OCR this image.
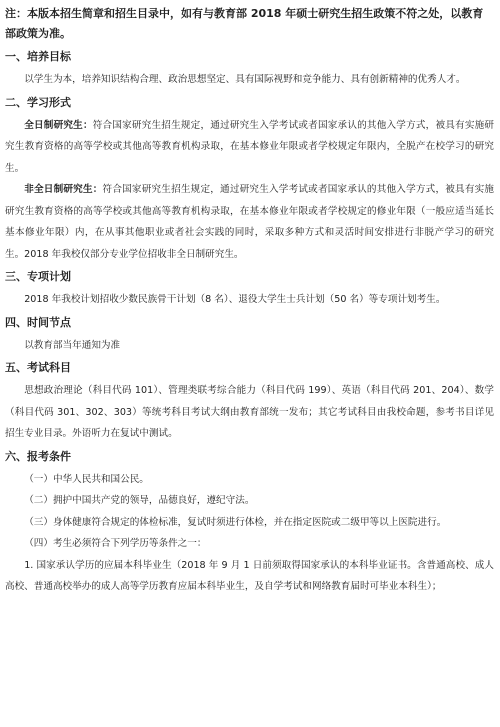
注：本版本招生简章和招生目录中，如有与教育部 2018 年硕士研究生招生政策不符之处，以教育部政策为准。

一、培养目标

以学生为本，培养知识结构合理、政治思想坚定、具有国际视野和竞争能力、具有创新精神的优秀人才。

二、学习形式

全日制研究生：符合国家研究生招生规定，通过研究生入学考试或者国家承认的其他入学方式，被具有实施研究生教育资格的高等学校或其他高等教育机构录取，在基本修业年限或者学校规定年限内，全脱产在校学习的研究生。

非全日制研究生：符合国家研究生招生规定，通过研究生入学考试或者国家承认的其他入学方式，被具有实施研究生教育资格的高等学校或其他高等教育机构录取，在基本修业年限或者学校规定的修业年限（一般应适当延长基本修业年限）内，在从事其他职业或者社会实践的同时，采取多种方式和灵活时间安排进行非脱产学习的研究生。2018 年我校仅部分专业学位招收非全日制研究生。

三、专项计划

2018 年我校计划招收少数民族骨干计划（8 名）、退役大学生士兵计划（50 名）等专项计划考生。

四、时间节点

以教育部当年通知为准

五、考试科目

思想政治理论（科目代码 101）、管理类联考综合能力（科目代码 199）、英语（科目代码 201、204）、数学（科目代码 301、302、303）等统考科目考试大纲由教育部统一发布；其它考试科目由我校命题，参考书目详见招生专业目录。外语听力在复试中测试。

六、报考条件

（一）中华人民共和国公民。

（二）拥护中国共产党的领导，品德良好，遵纪守法。

（三）身体健康符合规定的体检标准，复试时须进行体检，并在指定医院或二级甲等以上医院进行。

（四）考生必须符合下列学历等条件之一：

1. 国家承认学历的应届本科毕业生（2018 年 9 月 1 日前须取得国家承认的本科毕业证书。含普通高校、成人高校、普通高校举办的成人高等学历教育应届本科毕业生，及自学考试和网络教育届时可毕业本科生）；
